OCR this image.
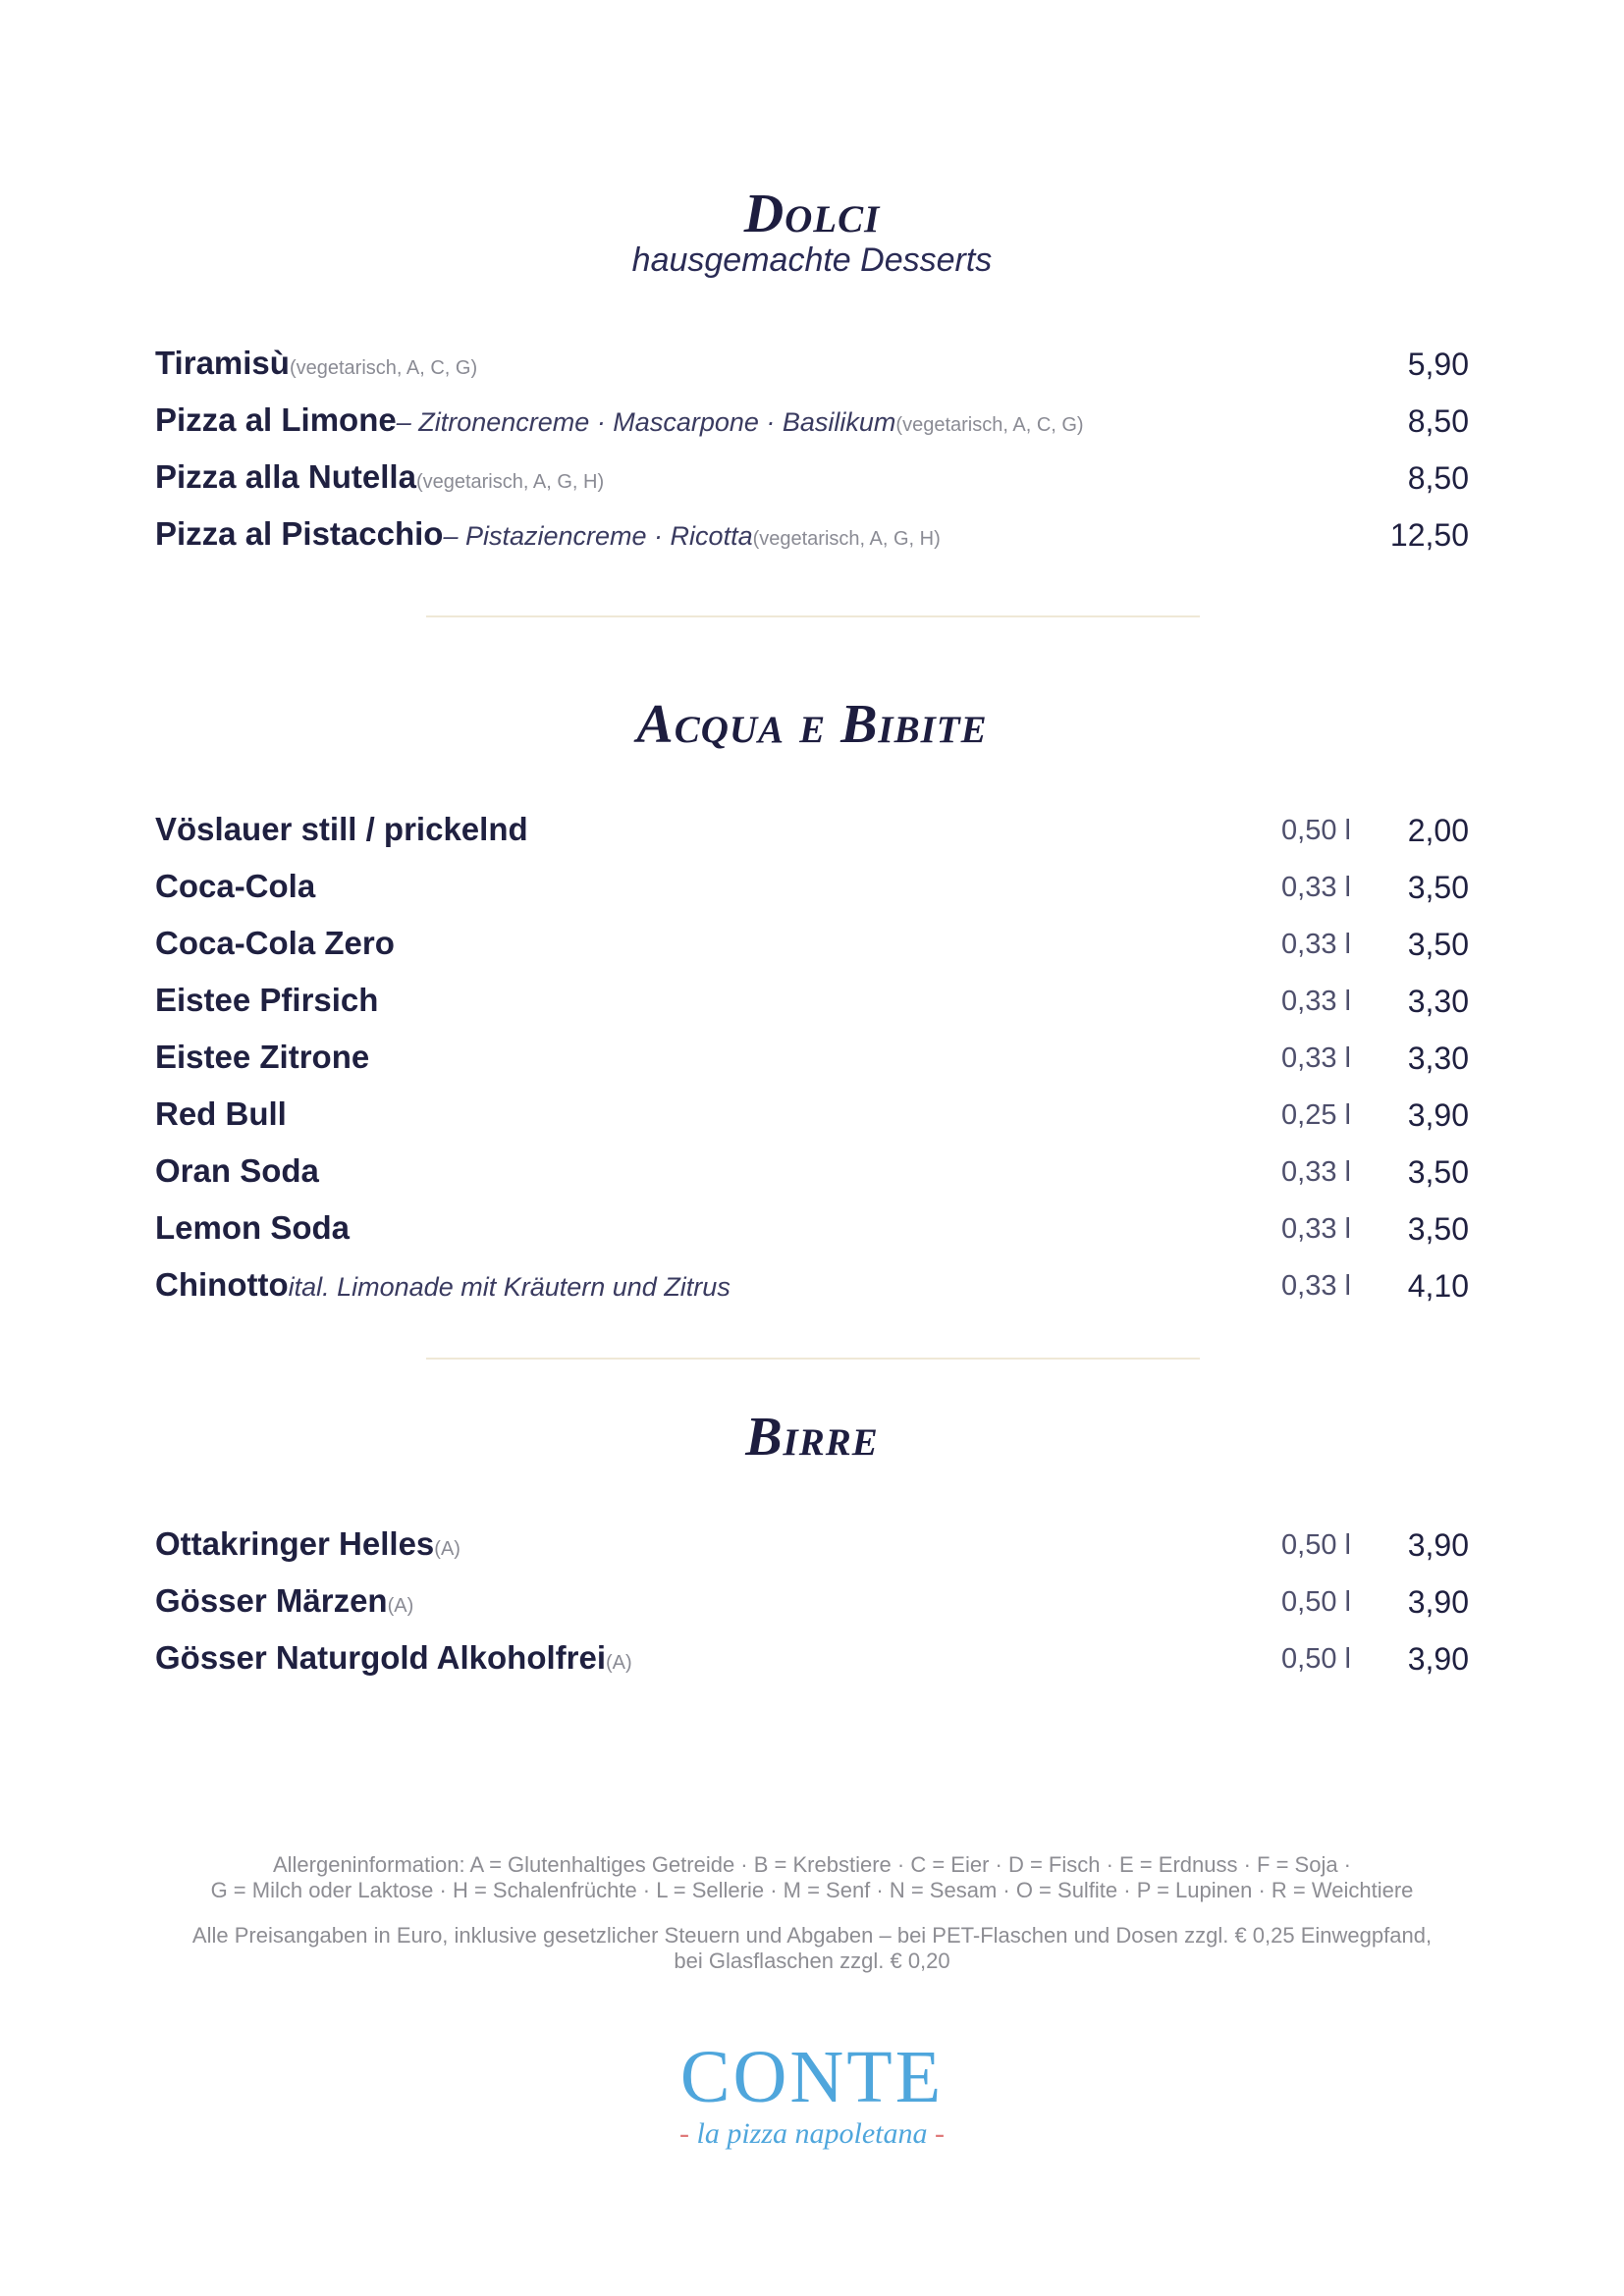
Dolci

hausgemachte Desserts

Tiramisù (vegetarisch, A, C, G)	5,90
Pizza al Limone – Zitronencreme · Mascarpone · Basilikum (vegetarisch, A, C, G)	8,50
Pizza alla Nutella (vegetarisch, A, G, H)	8,50
Pizza al Pistacchio – Pistaziencreme · Ricotta (vegetarisch, A, G, H)	12,50
Acqua e Bibite
Vöslauer still / prickelnd	0,50 l 2,00
Coca-Cola	0,33 l 3,50
Coca-Cola Zero	0,33 l 3,50
Eistee Pfirsich	0,33 l 3,30
Eistee Zitrone	0,33 l 3,30
Red Bull	0,25 l 3,90
Oran Soda	0,33 l 3,50
Lemon Soda	0,33 l 3,50
Chinotto ital. Limonade mit Kräutern und Zitrus	0,33 l 4,10
Birre
Ottakringer Helles (A)	0,50 l 3,90
Gösser Märzen (A)	0,50 l 3,90
Gösser Naturgold Alkoholfrei (A)	0,50 l 3,90

Allergeninformation: A = Glutenhaltiges Getreide · B = Krebstiere · C = Eier · D = Fisch · E = Erdnuss · F = Soja ·

G = Milch oder Laktose · H = Schalenfrüchte · L = Sellerie · M = Senf · N = Sesam · O = Sulfite · P = Lupinen · R = Weichtiere

Alle Preisangaben in Euro, inklusive gesetzlicher Steuern und Abgaben – bei PET-Flaschen und Dosen zzgl. € 0,25 Einwegpfand,

bei Glasflaschen zzgl. € 0,20

CONTE
- la pizza napoletana -
